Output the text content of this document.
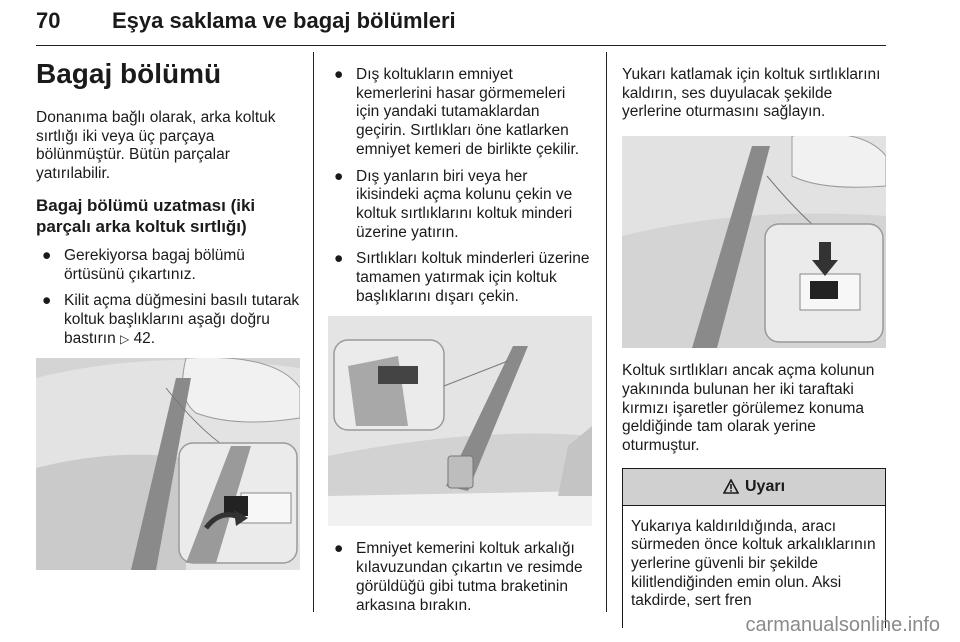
70 Eşya saklama ve bagaj bölümleri
Bagaj bölümü

Donanıma bağlı olarak, arka koltuk sırtlığı iki veya üç parçaya bölünmüştür. Bütün parçalar yatırılabilir.

Bagaj bölümü uzatması (iki parçalı arka koltuk sırtlığı)
● Gerekiyorsa bagaj bölümü örtüsünü çıkartınız.
● Kilit açma düğmesini basılı tutarak koltuk başlıklarını aşağı doğru bastırın ▷ 42.
● Dış koltukların emniyet kemerlerini hasar görmemeleri için yandaki tutamaklardan geçirin. Sırtlıkları öne katlarken emniyet kemeri de birlikte çekilir.
● Dış yanların biri veya her ikisindeki açma kolunu çekin ve koltuk sırtlıklarını koltuk minderi üzerine yatırın.
● Sırtlıkları koltuk minderleri üzerine tamamen yatırmak için koltuk başlıklarını dışarı çekin.
● Emniyet kemerini koltuk arkalığı kılavuzundan çıkartın ve resimde görüldüğü gibi tutma braketinin arkasına bırakın.

Yukarı katlamak için koltuk sırtlıklarını kaldırın, ses duyulacak şekilde yerlerine oturmasını sağlayın.

Koltuk sırtlıkları ancak açma kolunun yakınında bulunan her iki taraftaki kırmızı işaretler görülemez konuma geldiğinde tam olarak yerine oturmuştur.

Uyarı

Yukarıya kaldırıldığında, aracı sürmeden önce koltuk arkalıklarının yerlerine güvenli bir şekilde kilitlendiğinden emin olun. Aksi takdirde, sert fren

carmanualsonline.info
